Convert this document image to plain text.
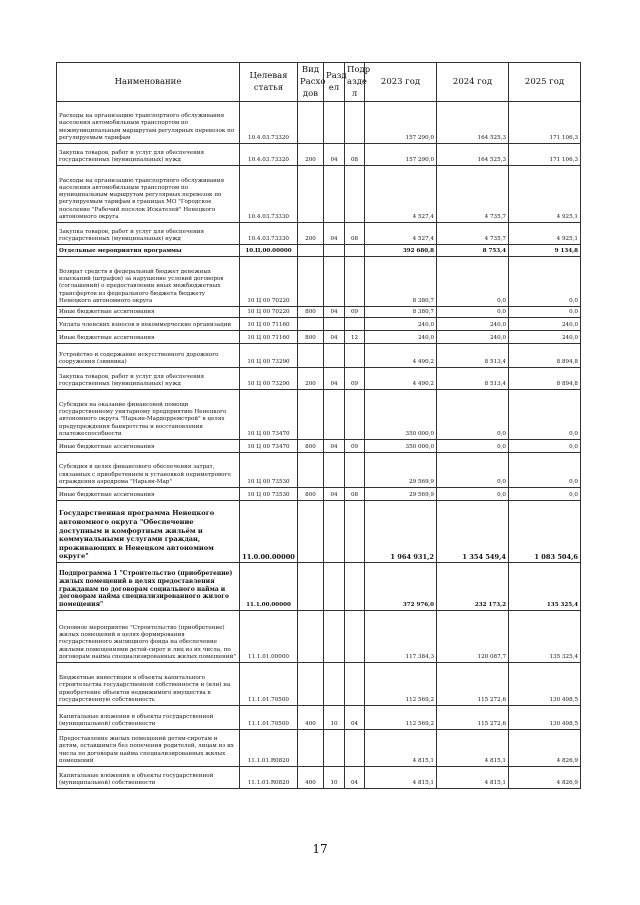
Наименование	Целевая статья	Вид Расхо дов	Разд ел	Подр азде л	2023 год	2024 год	2025 год
Расходы на организацию транспортного обслуживания населения автомобильным транспортом по межмуниципальным маршрутам регулярных перевозок по регулируемым тарифам	10.4.03.73320				157 290,0	164 525,3	171 106,3
Закупка товаров, работ и услуг для обеспечения государственных (муниципальных) нужд	10.4.03.73320	200	04	08	157 290,0	164 525,3	171 106,3
Расходы на организацию транспортного обслуживания населения автомобильным транспортом по муниципальным маршрутам регулярных перевозок по регулируемым тарифам в границах МО "Городское поселение "Рабочий поселок Искателей" Ненецкого автономного округа	10.4.03.73330				4 527,4	4 735,7	4 925,1
Закупка товаров, работ и услуг для обеспечения государственных (муниципальных) нужд	10.4.03.73330	200	04	08	4 527,4	4 735,7	4 925,1
Отдельные мероприятия программы	10.Ц.00.00000				392 680,8	8 753,4	9 134,8
Возврат средств в федеральный бюджет денежных взысканий (штрафов) за нарушение условий договоров (соглашений) о предоставлении иных межбюджетных трансфертов из федерального бюджета бюджету Ненецкого автономного округа	10 Ц 00 70220				8 380,7	0,0	0,0
Иные бюджетные ассигнования	10 Ц 00 70220	800	04	09	8 380,7	0,0	0,0
Уплата членских взносов в некоммерческие организации	10 Ц 00 71160				240,0	240,0	240,0
Иные бюджетные ассигнования	10 Ц 00 71160	800	04	12	240,0	240,0	240,0
Устройство и содержание искусственного дорожного сооружения (зимника)	10 Ц 00 73290				4 490,2	8 513,4	8 894,8
Закупка товаров, работ и услуг для обеспечения государственных (муниципальных) нужд	10 Ц 00 73290	200	04	09	4 490,2	8 513,4	8 894,8
Субсидия на оказание финансовой помощи государственному унитарному предприятию Ненецкого автономного округа "Нарьян-Мардорремстрой" в целях предупреждения банкротства и восстановления платежеспособности	10 Ц 00 73470				350 000,0	0,0	0,0
Иные бюджетные ассигнования	10 Ц 00 73470	800	04	09	350 000,0	0,0	0,0
Субсидия в целях финансового обеспечения затрат, связанных с приобретением и установкой периметрового ограждения аэродрома "Нарьян-Мар"	10 Ц 00 73530				29 569,9	0,0	0,0
Иные бюджетные ассигнования	10 Ц 00 73530	800	04	08	29 569,9	0,0	0,0
Государственная программа Ненецкого автономного округа "Обеспечение доступным и комфортным жильём и коммунальными услугами граждан, проживающих в Ненецком автономном округе"	11.0.00.00000				1 964 931,2	1 354 549,4	1 083 504,6
Подпрограмма 1 "Строительство (приобретение) жилых помещений в целях предоставления гражданам по договорам социального найма и договорам найма специализированного жилого помещения"	11.1.00.00000				372 976,0	232 173,2	135 325,4
Основное мероприятие "Строительство (приобретение) жилых помещений в целях формирования государственного жилищного фонда на обеспечение жилыми помещениями детей-сирот и лиц из их числа, по договорам найма специализированных жилых помещений"	11.1.01.00000				117 384,3	120 087,7	135 325,4
Бюджетные инвестиции в объекты капитального строительства государственной собственности и (или) на приобретение объектов недвижимого имущества в государственную собственность	11.1.01.70500				112 569,2	115 272,6	130 498,5
Капитальные вложения в объекты государственной (муниципальной) собственности	11.1.01.70500	400	10	04	112 569,2	115 272,6	130 498,5
Предоставление жилых помещений детям-сиротам и детям, оставшимся без попечения родителей, лицам из их числа по договорам найма специализированных жилых помещений	11.1.01.R0820				4 815,1	4 815,1	4 826,9
Капитальные вложения в объекты государственной (муниципальной) собственности	11.1.01.R0820	400	10	04	4 815,1	4 815,1	4 826,9
17
